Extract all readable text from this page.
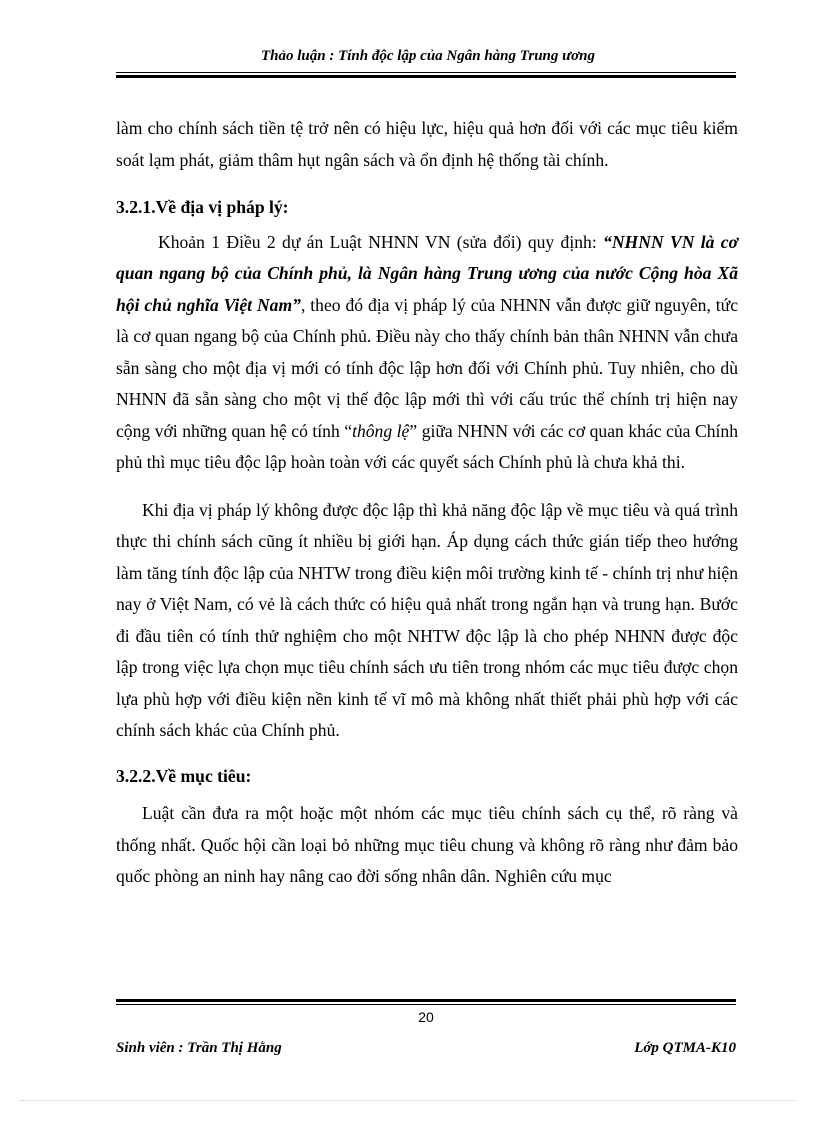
Thảo luận : Tính độc lập của Ngân hàng Trung ương

làm cho chính sách tiền tệ trở nên có hiệu lực, hiệu quả hơn đối với các mục tiêu kiểm soát lạm phát, giảm thâm hụt ngân sách và ổn định hệ thống tài chính.

3.2.1.Về địa vị pháp lý:

Khoản 1 Điều 2 dự án Luật NHNN VN (sửa đổi) quy định: “NHNN VN là cơ quan ngang bộ của Chính phủ, là Ngân hàng Trung ương của nước Cộng hòa Xã hội chủ nghĩa Việt Nam”, theo đó địa vị pháp lý của NHNN vẫn được giữ nguyên, tức là cơ quan ngang bộ của Chính phủ. Điều này cho thấy chính bản thân NHNN vẫn chưa sẵn sàng cho một địa vị mới có tính độc lập hơn đối với Chính phủ. Tuy nhiên, cho dù NHNN đã sẵn sàng cho một vị thế độc lập mới thì với cấu trúc thể chính trị hiện nay cộng với những quan hệ có tính “thông lệ” giữa NHNN với các cơ quan khác của Chính phủ thì mục tiêu độc lập hoàn toàn với các quyết sách Chính phủ là chưa khả thi.

Khi địa vị pháp lý không được độc lập thì khả năng độc lập về mục tiêu và quá trình thực thi chính sách cũng ít nhiều bị giới hạn. Áp dụng cách thức gián tiếp theo hướng làm tăng tính độc lập của NHTW trong điều kiện môi trường kinh tế - chính trị như hiện nay ở Việt Nam, có vẻ là cách thức có hiệu quả nhất trong ngắn hạn và trung hạn. Bước đi đầu tiên có tính thử nghiệm cho một NHTW độc lập là cho phép NHNN được độc lập trong việc lựa chọn mục tiêu chính sách ưu tiên trong nhóm các mục tiêu được chọn lựa phù hợp với điều kiện nền kinh tế vĩ mô mà không nhất thiết phải phù hợp với các chính sách khác của Chính phủ.

3.2.2.Về mục tiêu:

Luật cần đưa ra một hoặc một nhóm các mục tiêu chính sách cụ thể, rõ ràng và thống nhất. Quốc hội cần loại bỏ những mục tiêu chung và không rõ ràng như đảm bảo quốc phòng an ninh hay nâng cao đời sống nhân dân. Nghiên cứu mục

20
Sinh viên : Trần Thị Hằng	Lớp QTMA-K10
